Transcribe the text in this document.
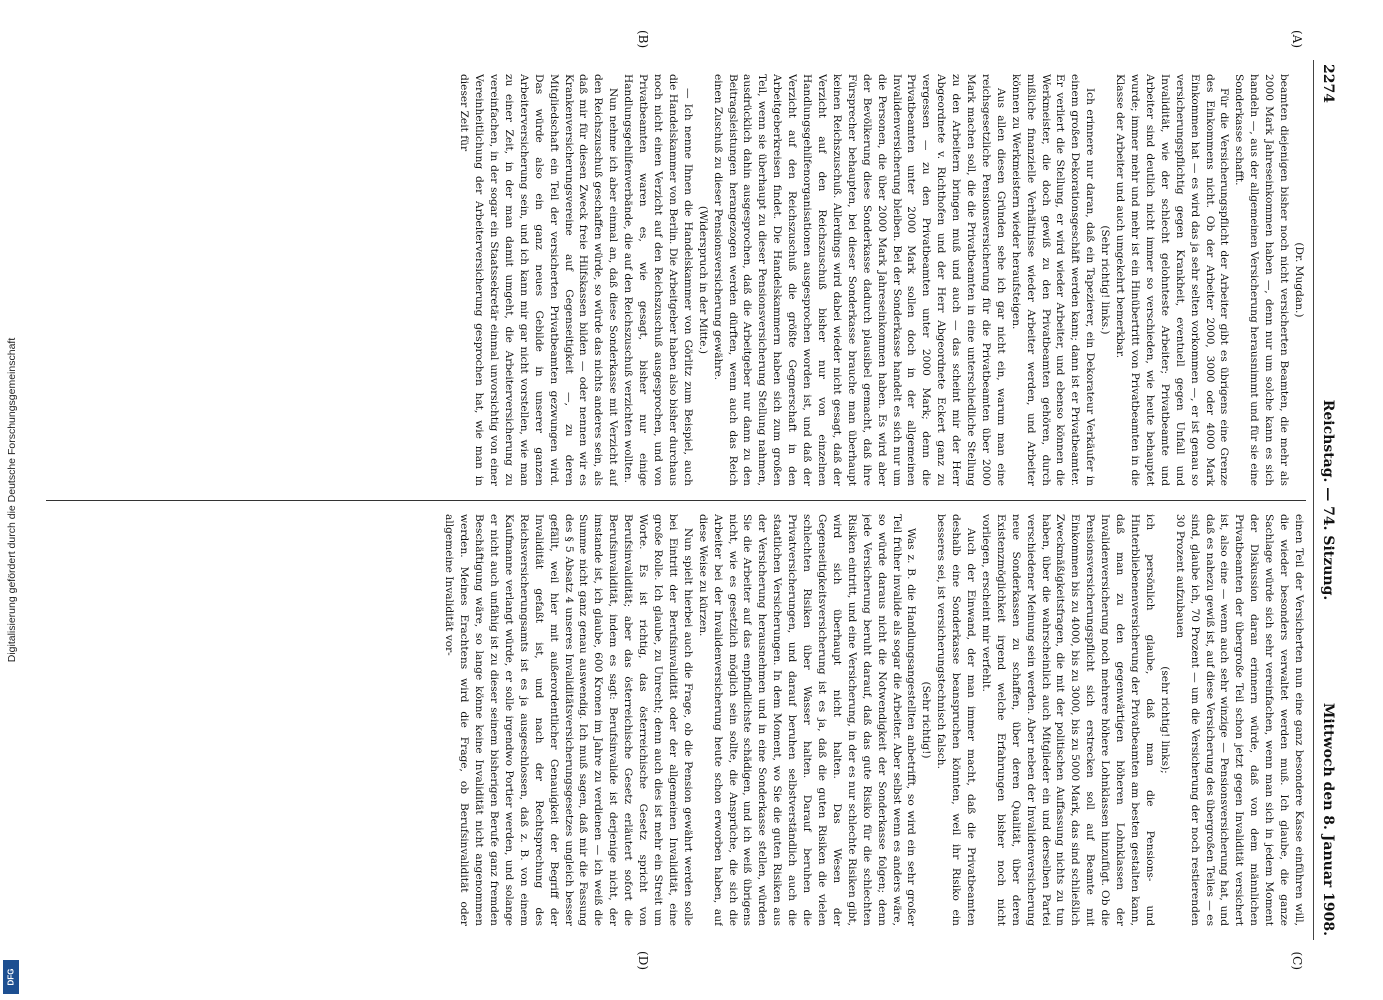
Digitalisierung gefördert durch die Deutsche Forschungsgemeinschaft
DFG
2274
Reichstag. — 74. Sitzung.
Mittwoch den 8. Januar 1908.
(A)
(B)
(C)
(D)

(Dr. Mugdan.)

beamten diejenigen bisher noch nicht versicherten Beamten, die mehr als 2000 Mark Jahreseinkommen haben —, denn nur um solche kann es sich handeln —, aus der allgemeinen Versicherung herausnimmt und für sie eine Sonderkasse schafft.

Für die Versicherungspflicht der Arbeiter gibt es übrigens eine Grenze des Einkommens nicht. Ob der Arbeiter 2000, 3000 oder 4000 Mark Einkommen hat — es wird das ja sehr selten vorkommen —, er ist genau so versicherungspflichtig gegen Krankheit, eventuell gegen Unfall und Invalidität, wie der schlecht gelohnteste Arbeiter; Privatbeamte und Arbeiter sind deutlich nicht immer so verschieden, wie heute behauptet wurde; immer mehr und mehr ist ein Hinübertritt von Privatbeamten in die Klasse der Arbeiter und auch umgekehrt bemerkbar.

(Sehr richtig! links.)

Ich erinnere nur daran, daß ein Tapezierer, ein Dekorateur Verkäufer in einem großen Dekorationsgeschäft werden kann; dann ist er Privatbeamter. Er verliert die Stellung, er wird wieder Arbeiter, und ebenso können die Werkmeister, die doch gewiß zu den Privatbeamten gehören, durch mißliche finanzielle Verhältnisse wieder Arbeiter werden, und Arbeiter können zu Werkmeistern wieder heraufsteigen.

Aus allen diesen Gründen sehe ich gar nicht ein, warum man eine reichsgesetzliche Pensionsversicherung für die Privatbeamten über 2000 Mark machen soll, die die Privatbeamten in eine unterschiedliche Stellung zu den Arbeitern bringen muß und auch — das scheint mir der Herr Abgeordnete v. Richthofen und der Herr Abgeordnete Eckert ganz zu vergessen — zu den Privatbeamten unter 2000 Mark; denn die Privatbeamten unter 2000 Mark sollen doch in der allgemeinen Invalidenversicherung bleiben. Bei der Sonderkasse handelt es sich nur um die Personen, die über 2000 Mark Jahreseinkommen haben. Es wird aber der Bevölkerung diese Sonderkasse dadurch plausibel gemacht, daß ihre Fürsprecher behaupten, bei dieser Sonderkasse brauche man überhaupt keinen Reichszuschuß. Allerdings wird dabei wieder nicht gesagt, daß der Verzicht auf den Reichszuschuß bisher nur von einzelnen Handlungsgehilfenorganisationen ausgesprochen worden ist, und daß der Verzicht auf den Reichszuschuß die größte Gegnerschaft in den Arbeitgeberkreisen findet. Die Handelskammern haben sich zum großen Teil, wenn sie überhaupt zu dieser Pensionsversicherung Stellung nahmen, ausdrücklich dahin ausgesprochen, daß die Arbeitgeber nur dann zu den Beitragsleistungen herangezogen werden dürften, wenn auch das Reich einen Zuschuß zu dieser Pensionsversicherung gewähre.

(Widerspruch in der Mitte.)

— Ich nenne Ihnen die Handelskammer von Görlitz zum Beispiel, auch die Handelskammer von Berlin. Die Arbeitgeber haben also bisher durchaus noch nicht einen Verzicht auf den Reichszuschuß ausgesprochen, und von Privatbeamten waren es, wie gesagt, bisher nur einige Handlungsgehilfenverbände, die auf den Reichszuschuß verzichten wollten.

Nun nehme ich aber einmal an, daß diese Sonderkasse mit Verzicht auf den Reichszuschuß geschaffen würde, so würde das nichts anderes sein, als daß mir für diesen Zweck freie Hilfskassen bilden — oder nennen wir es Krankenversicherungsvereine auf Gegenseitigkeit —, zu deren Mitgliedschaft ein Teil der versicherten Privatbeamten gezwungen wird. Das würde also ein ganz neues Gebilde in unserer ganzen Arbeiterversicherung sein, und ich kann mir gar nicht vorstellen, wie man zu einer Zeit, in der man damit umgeht, die Arbeiterversicherung zu vereinfachen, in der sogar ein Staatssekretär einmal unvorsichtig von einer Vereinheitlichung der Arbeiterversicherung gesprochen hat, wie man in dieser Zeit für

einen Teil der Versicherten nun eine ganz besondere Kasse einführen will, die wieder besonders verwaltet werden muß. Ich glaube, die ganze Sachlage würde sich sehr vereinfachen, wenn man sich in jedem Moment der Diskussion daran erinnern würde, daß von dem männlichen Privatbeamten der übergroße Teil schon jetzt gegen Invalidität versichert ist, also eine — wenn auch sehr winzige — Pensionsversicherung hat, und daß es nahezu gewiß ist, auf diese Versicherung des übergroßen Teiles — es sind, glaube ich, 70 Prozent — um die Versicherung der noch restierenden 30 Prozent aufzubauen

(sehr richtig! links);

ich persönlich glaube, daß man die Pensions- und Hinterbliebenenversicherung der Privatbeamten am besten gestalten kann, daß man zu den gegenwärtigen höheren Lohnklassen der Invalidenversicherung noch mehrere höhere Lohnklassen hinzufügt. Ob die Pensionsversicherungspflicht sich erstrecken soll auf Beamte mit Einkommen bis zu 4000, bis zu 3000, bis zu 5000 Mark, das sind schließlich Zweckmäßigkeitsfragen, die mit der politischen Auffassung nichts zu tun haben, über die wahrscheinlich auch Mitglieder ein und derselben Partei verschiedener Meinung sein werden. Aber neben der Invalidenversicherung neue Sonderkassen zu schaffen, über deren Qualität, über deren Existenzmöglichkeit irgend welche Erfahrungen bisher noch nicht vorliegen, erscheint mir verfehlt.

Auch der Einwand, der man immer macht, daß die Privatbeamten deshalb eine Sonderkasse beanspruchen könnten, weil ihr Risiko ein besseres sei, ist versicherungstechnisch falsch.

(Sehr richtig!)

Was z. B. die Handlungsangestellten anbetrifft, so wird ein sehr großer Teil früher invalide als sogar die Arbeiter. Aber selbst wenn es anders wäre, so würde daraus nicht die Notwendigkeit der Sonderkasse folgen; denn jede Versicherung beruht darauf, daß das gute Risiko für die schlechten Risiken eintritt, und eine Versicherung, in der es nur schlechte Risiken gibt, wird sich überhaupt nicht halten. Das Wesen der Gegenseitigkeitsversicherung ist es ja, daß die guten Risiken die vielen schlechten Risiken über Wasser halten. Darauf beruhen die Privatversicherungen, und darauf beruhen selbstverständlich auch die staatlichen Versicherungen. In dem Moment, wo Sie die guten Risiken aus der Versicherung herausnehmen und in eine Sonderkasse stellen, würden Sie die Arbeiter auf das empfindlichste schädigen, und ich weiß übrigens nicht, wie es gesetzlich möglich sein sollte, die Ansprüche, die sich die Arbeiter bei der Invalidenversicherung heute schon erworben haben, auf diese Weise zu kürzen.

Nun spielt hierbei auch die Frage, ob die Pension gewährt werden solle bei Eintritt der Berufsinvalidität oder der allgemeinen Invalidität, eine große Rolle. Ich glaube, zu Unrecht; denn auch dies ist mehr ein Streit um Worte. Es ist richtig, das österreichische Gesetz spricht von Berufsinvalidität; aber das österreichische Gesetz erläutert sofort die Berufsinvalidität, indem es sagt: Berufsinvalide ist derjenige nicht, der imstande ist, ich glaube, 600 Kronen im Jahre zu verdienen — ich weiß die Summe nicht ganz genau auswendig. Ich muß sagen, daß mir die Fassung des § 5 Absatz 4 unseres Invaliditätsversicherungsgesetzes ungleich besser gefällt, weil hier mit außerordentlicher Genauigkeit der Begriff der Invalidität gefaßt ist, und nach der Rechtsprechung des Reichsversicherungsamts ist es ja ausgeschlossen, daß z. B. von einem Kaufmanne verlangt würde, er solle irgendwo Portier werden, und solange er nicht auch unfähig ist zu dieser seinem bisherigen Berufe ganz fremden Beschäftigung wäre, so lange könne keine Invalidität nicht angenommen werden. Meines Erachtens wird die Frage, ob Berufsinvalidität oder allgemeine Invalidität vor-
